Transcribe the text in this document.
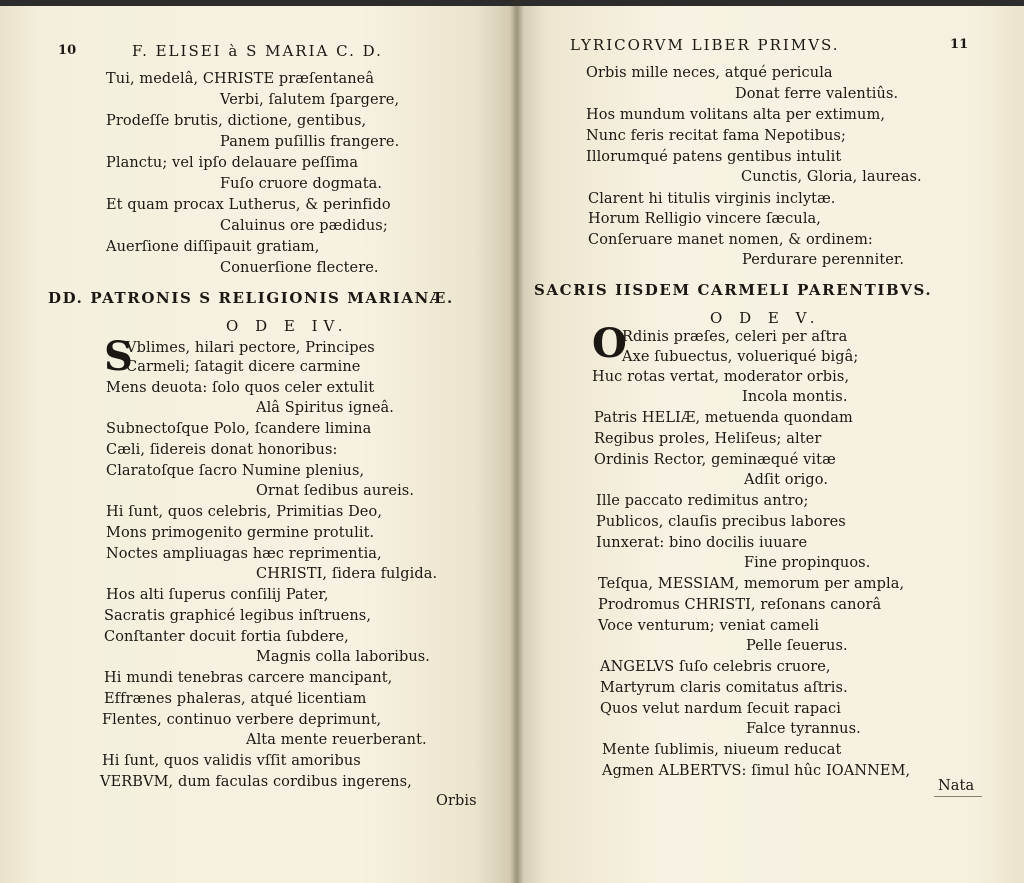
10	F. ELISEI à S MARIA C. D.
Tui, medelâ, CHRISTE præſentaneâ
Verbi, ſalutem ſpargere,
Prodeſſe brutis, dictione, gentibus,
Panem puſillis frangere.
Planctu; vel ipſo delauare peſſima
Fuſo cruore dogmata.
Et quam procax Lutherus, & perinfido
Caluinus ore pædidus;
Auerſione diſſipauit gratiam,
Conuerſione flectere.
DD. PATRONIS S RELIGIONIS MARIANÆ.
O D E IV.
S
Vblimes, hilari pectore, Principes
Carmeli; ſatagit dicere carmine
Mens deuota: ſolo quos celer extulit
Alâ Spiritus igneâ.
Subnectoſque Polo, ſcandere limina
Cæli, ſidereis donat honoribus:
Claratoſque ſacro Numine plenius,
Ornat ſedibus aureis.
Hi ſunt, quos celebris, Primitias Deo,
Mons primogenito germine protulit.
Noctes ampliuagas hæc reprimentia,
CHRISTI, ſidera fulgida.
Hos alti ſuperus conſilij Pater,
Sacratis graphicé legibus inſtruens,
Conſtanter docuit fortia ſubdere,
Magnis colla laboribus.
Hi mundi tenebras carcere mancipant,
Effrænes phaleras, atqué licentiam
Flentes, continuo verbere deprimunt,
Alta mente reuerberant.
Hi ſunt, quos validis vſſit amoribus
VERBVM, dum faculas cordibus ingerens,
Orbis
LYRICORVM LIBER PRIMVS.	11
Orbis mille neces, atqué pericula
Donat ferre valentiûs.
Hos mundum volitans alta per extimum,
Nunc feris recitat fama Nepotibus;
Illorumqué patens gentibus intulit
Cunctis, Gloria, laureas.
Clarent hi titulis virginis inclytæ.
Horum Relligio vincere ſæcula,
Conſeruare manet nomen, & ordinem:
Perdurare perenniter.
SACRIS IISDEM CARMELI PARENTIBVS.
O D E V.
O
Rdinis præſes, celeri per aſtra
Axe ſubuectus, volueriqué bigâ;
Huc rotas vertat, moderator orbis,
Incola montis.
Patris HELIÆ, metuenda quondam
Regibus proles, Heliſeus; alter
Ordinis Rector, geminæqué vitæ
Adſit origo.
Ille paccato redimitus antro;
Publicos, clauſis precibus labores
Iunxerat: bino docilis iuuare
Fine propinquos.
Teſqua, MESSIAM, memorum per ampla,
Prodromus CHRISTI, reſonans canorâ
Voce venturum; veniat cameli
Pelle ſeuerus.
ANGELVS ſuſo celebris cruore,
Martyrum claris comitatus aſtris.
Quos velut nardum ſecuit rapaci
Falce tyrannus.
Mente ſublimis, niueum reducat
Agmen ALBERTVS: ſimul hûc IOANNEM,
Nata
